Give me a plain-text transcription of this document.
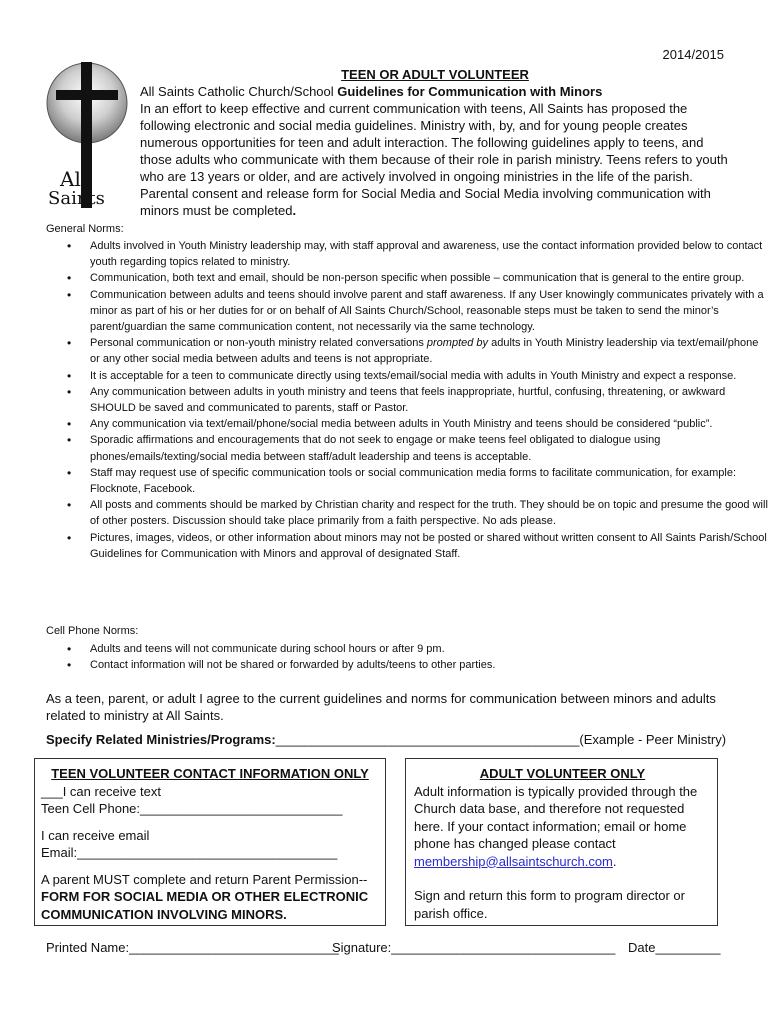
2014/2015
All
Saints
TEEN OR ADULT VOLUNTEER

All Saints Catholic Church/School Guidelines for Communication with Minors

In an effort to keep effective and current communication with teens, All Saints has proposed the following electronic and social media guidelines. Ministry with, by, and for young people creates numerous opportunities for teen and adult interaction. The following guidelines apply to teens, and those adults who communicate with them because of their role in parish ministry. Teens refers to youth who are 13 years or older, and are actively involved in ongoing ministries in the life of the parish. Parental consent and release form for Social Media and Social Media involving communication with minors must be completed.

General Norms:
• Adults involved in Youth Ministry leadership may, with staff approval and awareness, use the contact information provided below to contact youth regarding topics related to ministry.
• Communication, both text and email, should be non-person specific when possible – communication that is general to the entire group.
• Communication between adults and teens should involve parent and staff awareness. If any User knowingly communicates privately with a minor as part of his or her duties for or on behalf of All Saints Church/School, reasonable steps must be taken to send the minor’s parent/guardian the same communication content, not necessarily via the same technology.
• Personal communication or non-youth ministry related conversations prompted by adults in Youth Ministry leadership via text/email/phone or any other social media between adults and teens is not appropriate.
• It is acceptable for a teen to communicate directly using texts/email/social media with adults in Youth Ministry and expect a response.
• Any communication between adults in youth ministry and teens that feels inappropriate, hurtful, confusing, threatening, or awkward SHOULD be saved and communicated to parents, staff or Pastor.
• Any communication via text/email/phone/social media between adults in Youth Ministry and teens should be considered “public”.
• Sporadic affirmations and encouragements that do not seek to engage or make teens feel obligated to dialogue using phones/emails/texting/social media between staff/adult leadership and teens is acceptable.
• Staff may request use of specific communication tools or social communication media forms to facilitate communication, for example: Flocknote, Facebook.
• All posts and comments should be marked by Christian charity and respect for the truth. They should be on topic and presume the good will of other posters. Discussion should take place primarily from a faith perspective. No ads please.
• Pictures, images, videos, or other information about minors may not be posted or shared without written consent to All Saints Parish/School Guidelines for Communication with Minors and approval of designated Staff.
Cell Phone Norms:
• Adults and teens will not communicate during school hours or after 9 pm.
• Contact information will not be shared or forwarded by adults/teens to other parties.
As a teen, parent, or adult I agree to the current guidelines and norms for communication between minors and adults related to ministry at All Saints.
Specify Related Ministries/Programs:__________________________________________(Example - Peer Ministry)
TEEN VOLUNTEER CONTACT INFORMATION ONLY
___I can receive text
Teen Cell Phone:____________________________
I can receive email
Email:____________________________________
A parent MUST complete and return Parent Permission--
FORM FOR SOCIAL MEDIA OR OTHER ELECTRONIC
COMMUNICATION INVOLVING MINORS.
ADULT VOLUNTEER ONLY
Adult information is typically provided through the Church data base, and therefore not requested here. If your contact information; email or home phone has changed please contact membership@allsaintschurch.com.
Sign and return this form to program director or parish office.
Printed Name:_____________________________
Signature:_______________________________ Date_________
